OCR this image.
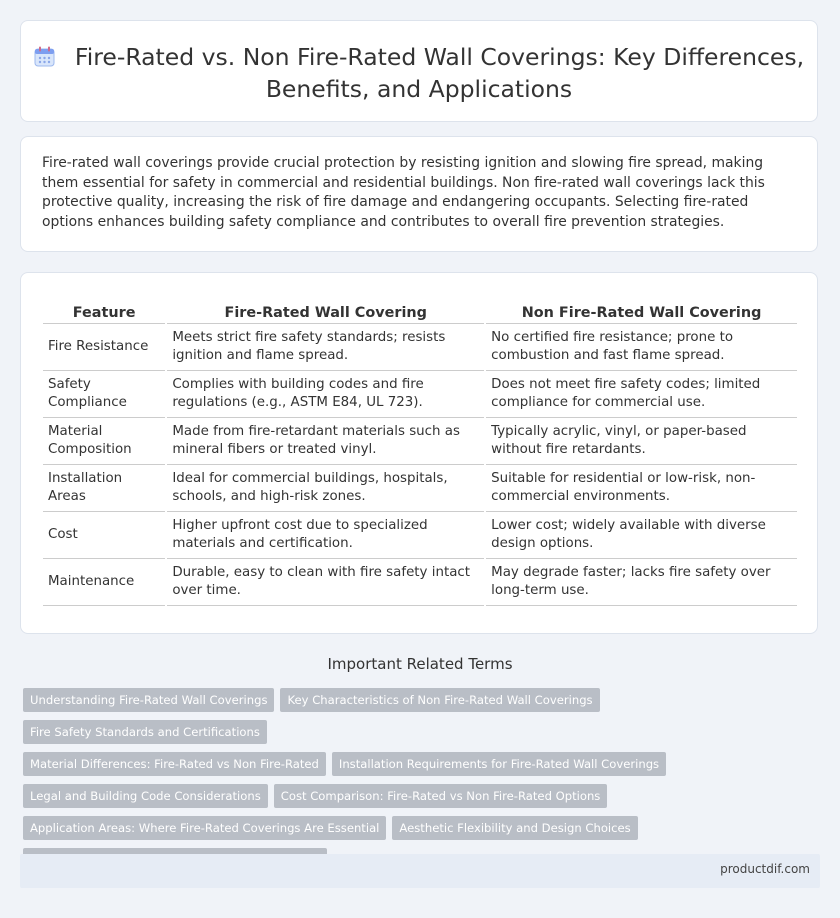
Fire-Rated vs. Non Fire-Rated Wall Coverings: Key Differences,
Benefits, and Applications

Fire-rated wall coverings provide crucial protection by resisting ignition and slowing fire spread, making them essential for safety in commercial and residential buildings. Non fire-rated wall coverings lack this protective quality, increasing the risk of fire damage and endangering occupants. Selecting fire-rated options enhances building safety compliance and contributes to overall fire prevention strategies.

Feature	Fire-Rated Wall Covering	Non Fire-Rated Wall Covering
Fire Resistance	Meets strict fire safety standards; resists ignition and flame spread.	No certified fire resistance; prone to combustion and fast flame spread.
Safety Compliance	Complies with building codes and fire regulations (e.g., ASTM E84, UL 723).	Does not meet fire safety codes; limited compliance for commercial use.
Material Composition	Made from fire-retardant materials such as mineral fibers or treated vinyl.	Typically acrylic, vinyl, or paper-based without fire retardants.
Installation Areas	Ideal for commercial buildings, hospitals, schools, and high-risk zones.	Suitable for residential or low-risk, non-commercial environments.
Cost	Higher upfront cost due to specialized materials and certification.	Lower cost; widely available with diverse design options.
Maintenance	Durable, easy to clean with fire safety intact over time.	May degrade faster; lacks fire safety over long-term use.
Important Related Terms
Understanding Fire-Rated Wall Coverings Key Characteristics of Non Fire-Rated Wall CoveringsFire Safety Standards and Certifications
Material Differences: Fire-Rated vs Non Fire-Rated Installation Requirements for Fire-Rated Wall Coverings
Legal and Building Code Considerations Cost Comparison: Fire-Rated vs Non Fire-Rated Options
Application Areas: Where Fire-Rated Coverings Are Essential Aesthetic Flexibility and Design Choices

productdif.com
